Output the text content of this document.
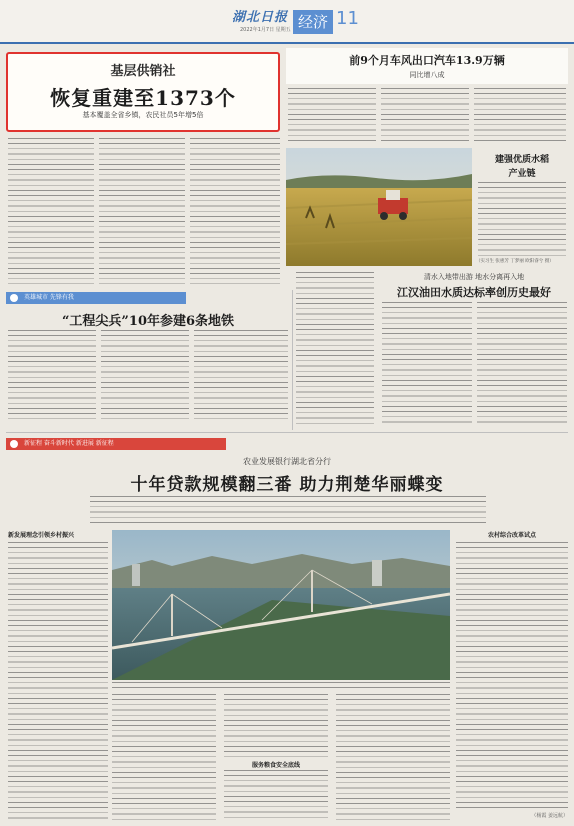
湖北日报
2022年1月7日 星期五 经济 11
基层供销社
恢复重建至1373个
基本覆盖全省乡镇，农民社员5年增5倍
前9个月车风出口汽车13.9万辆
同比增八成
建强优质水稻
产业链
（实习生 张惠芳 丁梦丽 欧阳睿兮 摄）
英雄城市 先锋有我
“工程尖兵”10年参建6条地铁
清水入地带出游 地水分离再入地
江汉油田水质达标率创历史最好
新征程 奋斗新时代 新进展 新征程
农业发展银行湖北省分行
十年贷款规模翻三番 助力荆楚华丽蝶变
新发展理念引领乡村振兴
服务粮食安全底线
农村综合改革试点
（杨霞 姜远航）
